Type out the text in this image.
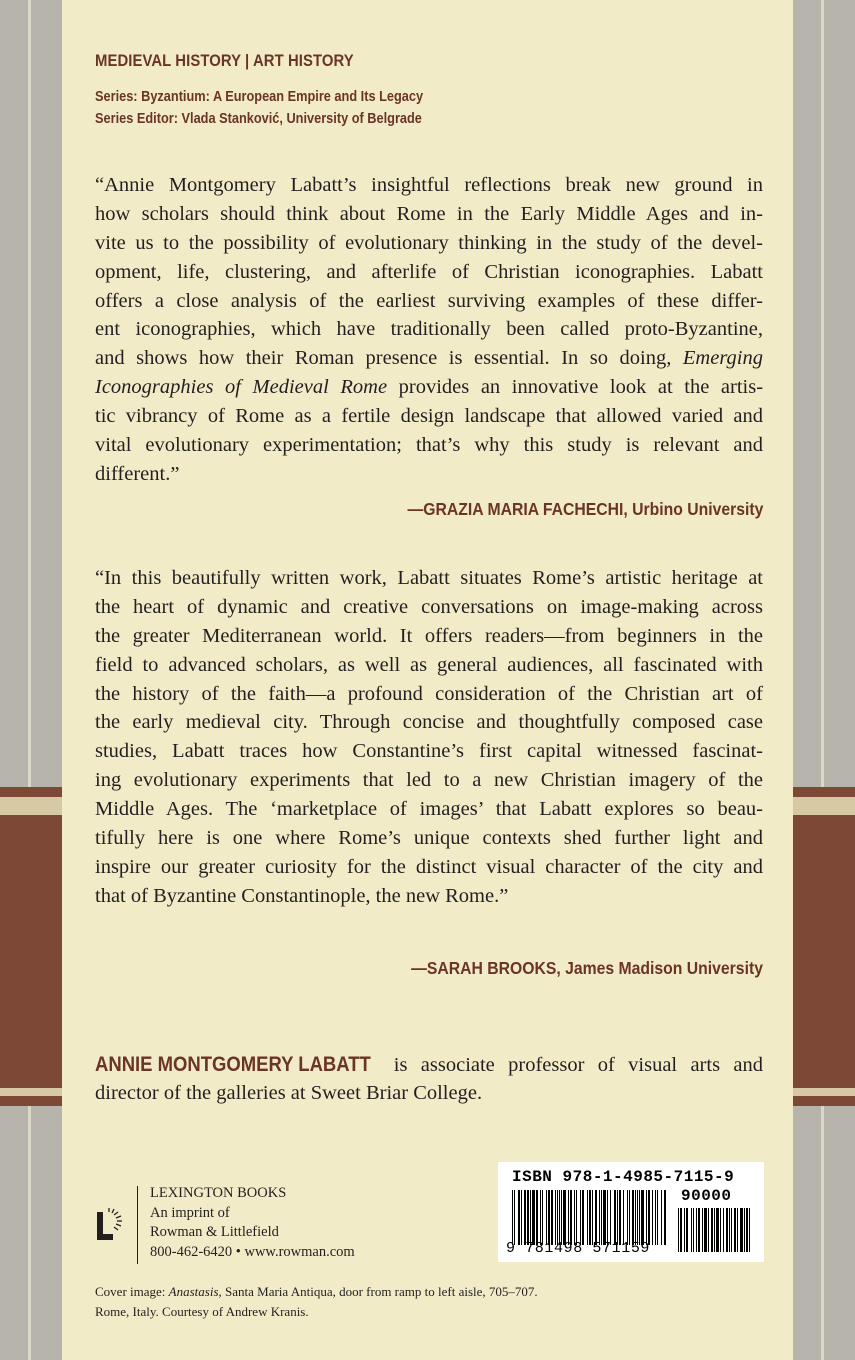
MEDIEVAL HISTORY | ART HISTORY
Series: Byzantium: A European Empire and Its Legacy
Series Editor: Vlada Stanković, University of Belgrade
“Annie Montgomery Labatt’s insightful reflections break new ground in
how scholars should think about Rome in the Early Middle Ages and in-
vite us to the possibility of evolutionary thinking in the study of the devel-
opment, life, clustering, and afterlife of Christian iconographies. Labatt
offers a close analysis of the earliest surviving examples of these differ-
ent iconographies, which have traditionally been called proto-Byzantine,
and shows how their Roman presence is essential. In so doing, Emerging
Iconographies of Medieval Rome provides an innovative look at the artis-
tic vibrancy of Rome as a fertile design landscape that allowed varied and
vital evolutionary experimentation; that’s why this study is relevant and
different.”
—GRAZIA MARIA FACHECHI, Urbino University
“In this beautifully written work, Labatt situates Rome’s artistic heritage at
the heart of dynamic and creative conversations on image-making across
the greater Mediterranean world. It offers readers—from beginners in the
field to advanced scholars, as well as general audiences, all fascinated with
the history of the faith—a profound consideration of the Christian art of
the early medieval city. Through concise and thoughtfully composed case
studies, Labatt traces how Constantine’s first capital witnessed fascinat-
ing evolutionary experiments that led to a new Christian imagery of the
Middle Ages. The ‘marketplace of images’ that Labatt explores so beau-
tifully here is one where Rome’s unique contexts shed further light and
inspire our greater curiosity for the distinct visual character of the city and
that of Byzantine Constantinople, the new Rome.”
—SARAH BROOKS, James Madison University
ANNIE MONTGOMERY LABATT is associate professor of visual arts and
director of the galleries at Sweet Briar College.
LEXINGTON BOOKS
An imprint of
Rowman & Littlefield
800-462-6420 • www.rowman.com
ISBN 978-1-4985-7115-9
90000
9 781498 571159
Cover image: Anastasis, Santa Maria Antiqua, door from ramp to left aisle, 705–707.
Rome, Italy. Courtesy of Andrew Kranis.
